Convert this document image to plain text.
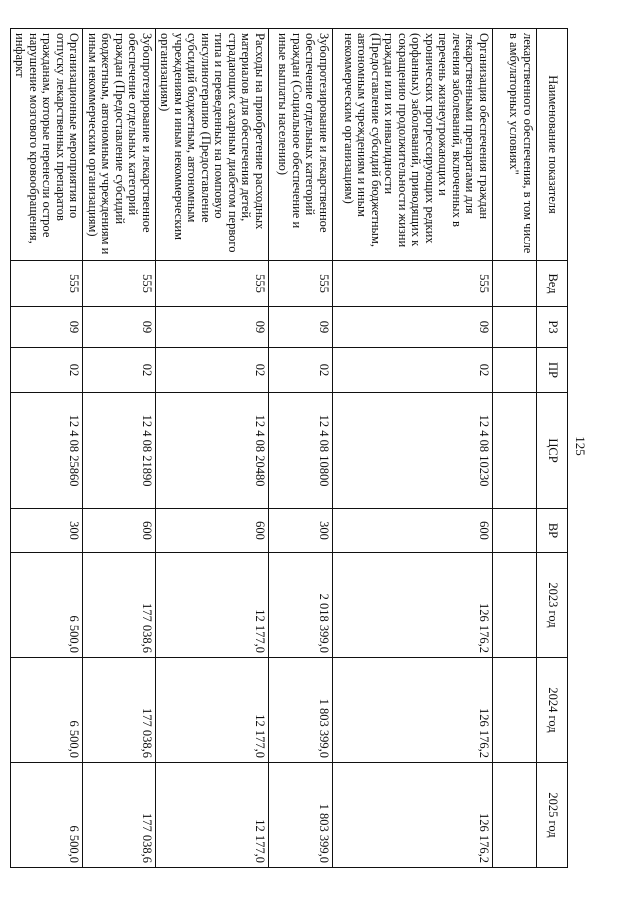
125
Наименование показателя	Вед	РЗ	ПР	ЦСР	ВР	2023 год	2024 год	2025 год
лекарственного обеспечения, в том числе в амбулаторных условиях"								
Организация обеспечения граждан лекарственными препаратами для лечения заболеваний, включенных в перечень жизнеугрожающих и хронических прогрессирующих редких (орфанных) заболеваний, приводящих к сокращению продолжительности жизни граждан или их инвалидности (Предоставление субсидий бюджетным, автономным учреждениям и иным некоммерческим организациям)	555	09	02	12 4 08 10230	600	126 176,2	126 176,2	126 176,2
Зубопротезирование и лекарственное обеспечение отдельных категорий граждан (Социальное обеспечение и иные выплаты населению)	555	09	02	12 4 08 10800	300	2 018 399,0	1 803 399,0	1 803 399,0
Расходы на приобретение расходных материалов для обеспечения детей, страдающих сахарным диабетом первого типа и переведенных на помповую инсулинотерапию (Предоставление субсидий бюджетным, автономным учреждениям и иным некоммерческим организациям)	555	09	02	12 4 08 20480	600	12 177,0	12 177,0	12 177,0
Зубопротезирование и лекарственное обеспечение отдельных категорий граждан (Предоставление субсидий бюджетным, автономным учреждениям и иным некоммерческим организациям)	555	09	02	12 4 08 21890	600	177 038,6	177 038,6	177 038,6
Организационные мероприятия по отпуску лекарственных препаратов гражданам, которые перенесли острое нарушение мозгового кровообращения, инфаркт	555	09	02	12 4 08 25860	300	6 500,0	6 500,0	6 500,0
